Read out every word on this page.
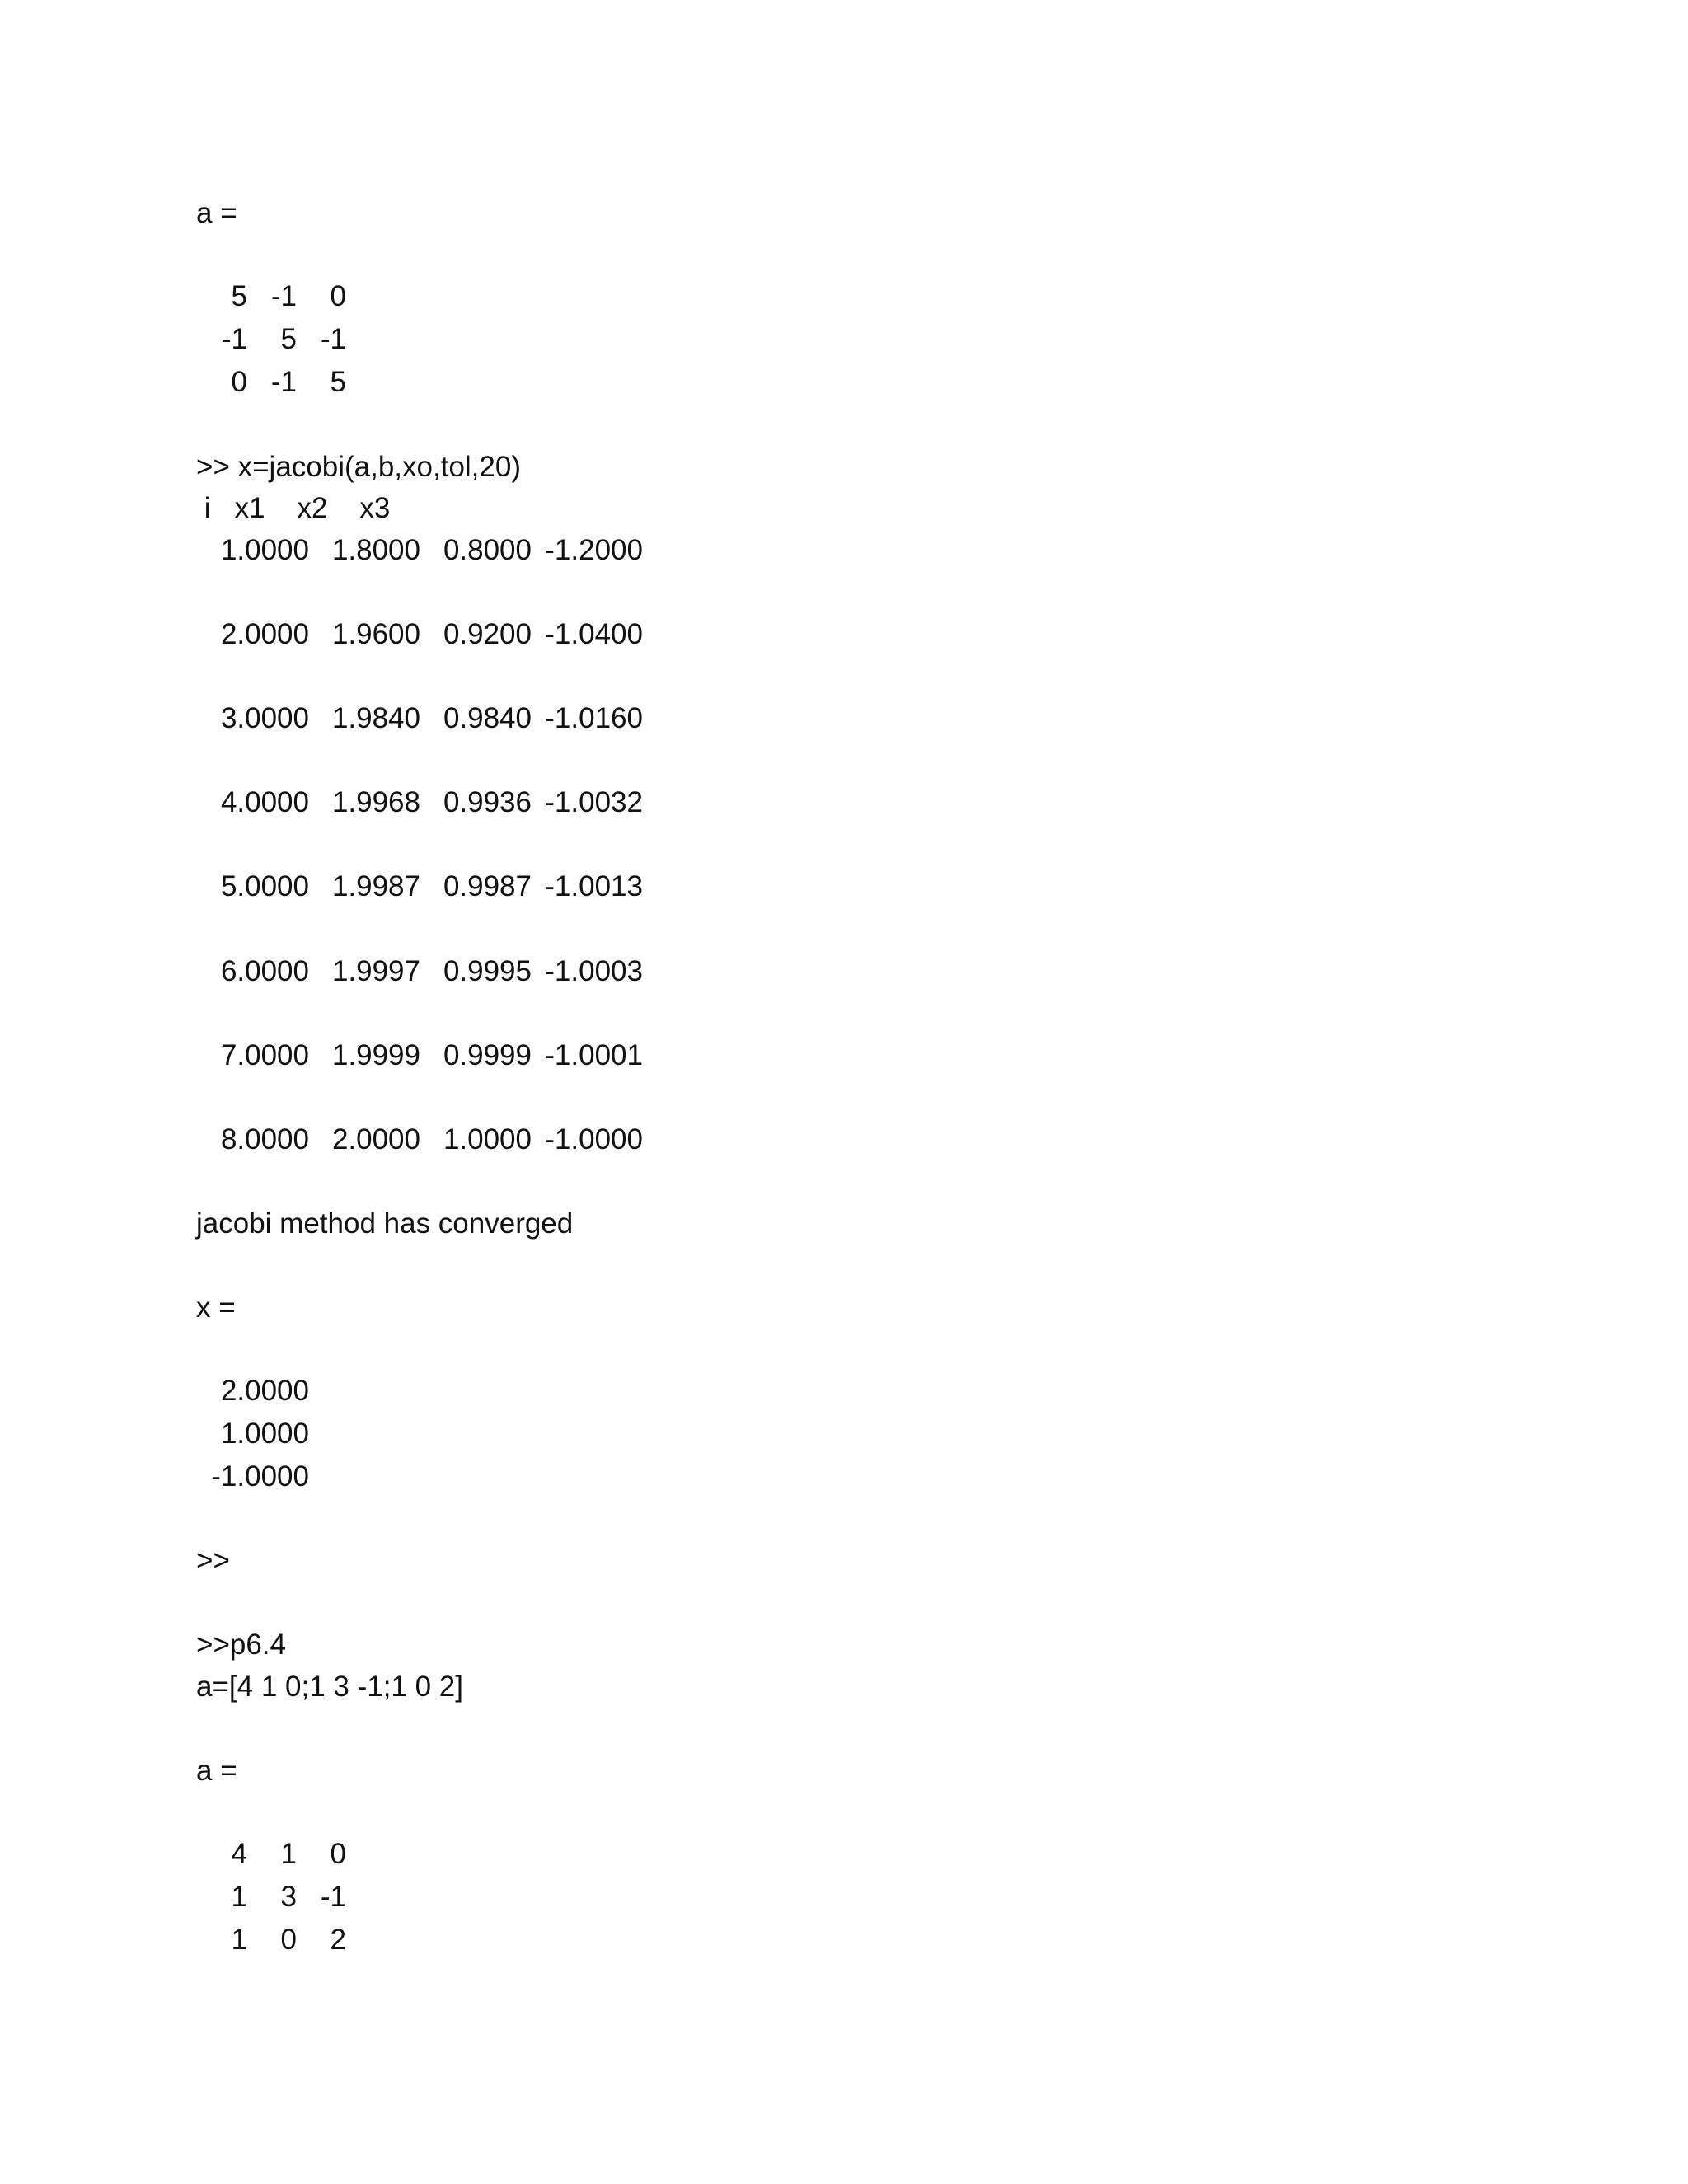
a =
5 -1	0
-1	5 -1
0 -1	5
>> x=jacobi(a,b,xo,tol,20)
i   x1    x2    x3
1.0000 1.8000 0.8000 -1.2000
2.0000 1.9600 0.9200 -1.0400
3.0000 1.9840 0.9840 -1.0160
4.0000 1.9968 0.9936 -1.0032
5.0000 1.9987 0.9987 -1.0013
6.0000 1.9997 0.9995 -1.0003
7.0000 1.9999 0.9999 -1.0001
8.0000 2.0000 1.0000 -1.0000
jacobi method has converged
x =
2.0000
1.0000
-1.0000
>>
>>p6.4
a=[4 1 0;1 3 -1;1 0 2]
a =
4	1	0
1	3 -1
1	0	2
